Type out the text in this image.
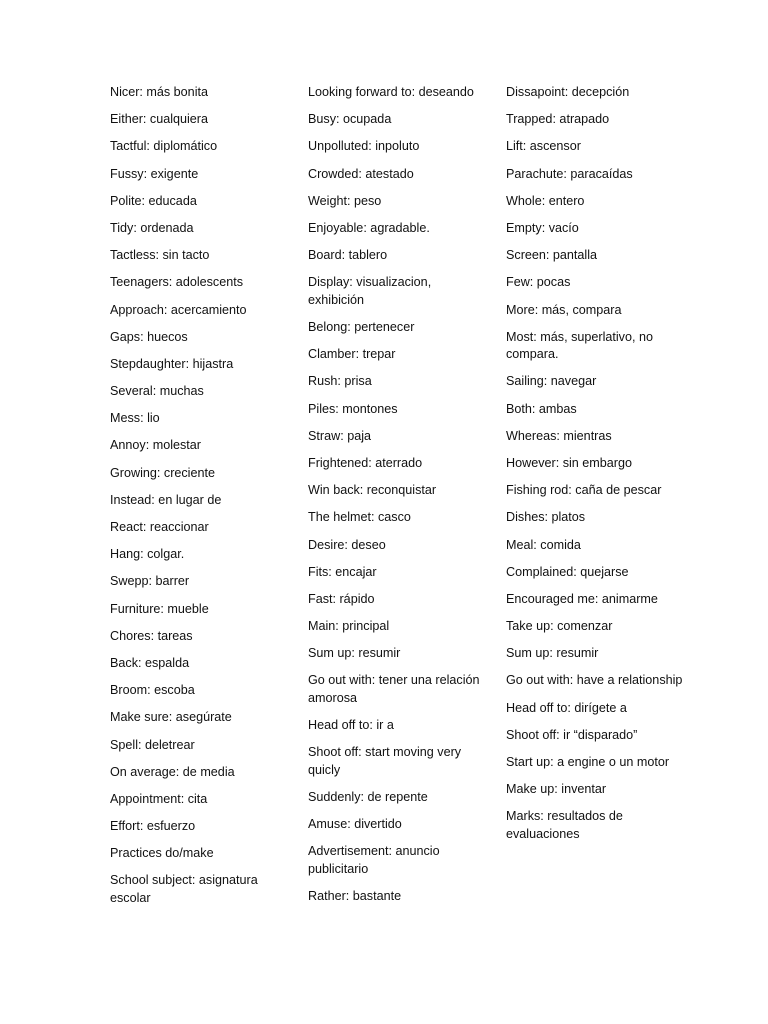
Nicer: más bonita
Either: cualquiera
Tactful: diplomático
Fussy: exigente
Polite: educada
Tidy: ordenada
Tactless: sin tacto
Teenagers: adolescents
Approach: acercamiento
Gaps: huecos
Stepdaughter: hijastra
Several: muchas
Mess: lio
Annoy: molestar
Growing: creciente
Instead: en lugar de
React: reaccionar
Hang: colgar.
Swepp: barrer
Furniture: mueble
Chores: tareas
Back: espalda
Broom: escoba
Make sure: asegúrate
Spell: deletrear
On average: de media
Appointment: cita
Effort: esfuerzo
Practices do/make
School subject: asignatura escolar
Looking forward to: deseando
Busy: ocupada
Unpolluted: inpoluto
Crowded: atestado
Weight: peso
Enjoyable: agradable.
Board: tablero
Display: visualizacion, exhibición
Belong: pertenecer
Clamber: trepar
Rush: prisa
Piles: montones
Straw: paja
Frightened: aterrado
Win back: reconquistar
The helmet: casco
Desire: deseo
Fits: encajar
Fast: rápido
Main: principal
Sum up: resumir
Go out with: tener una relación amorosa
Head off to: ir a
Shoot off: start moving very quicly
Suddenly: de repente
Amuse: divertido
Advertisement: anuncio publicitario
Rather: bastante
Dissapoint: decepción
Trapped: atrapado
Lift: ascensor
Parachute: paracaídas
Whole: entero
Empty: vacío
Screen: pantalla
Few: pocas
More: más, compara
Most: más, superlativo, no compara.
Sailing: navegar
Both: ambas
Whereas: mientras
However: sin embargo
Fishing rod: caña de pescar
Dishes: platos
Meal: comida
Complained: quejarse
Encouraged me: animarme
Take up: comenzar
Sum up: resumir
Go out with: have a relationship
Head off to: dirígete a
Shoot off: ir “disparado”
Start up: a engine o un motor
Make up: inventar
Marks: resultados de evaluaciones
